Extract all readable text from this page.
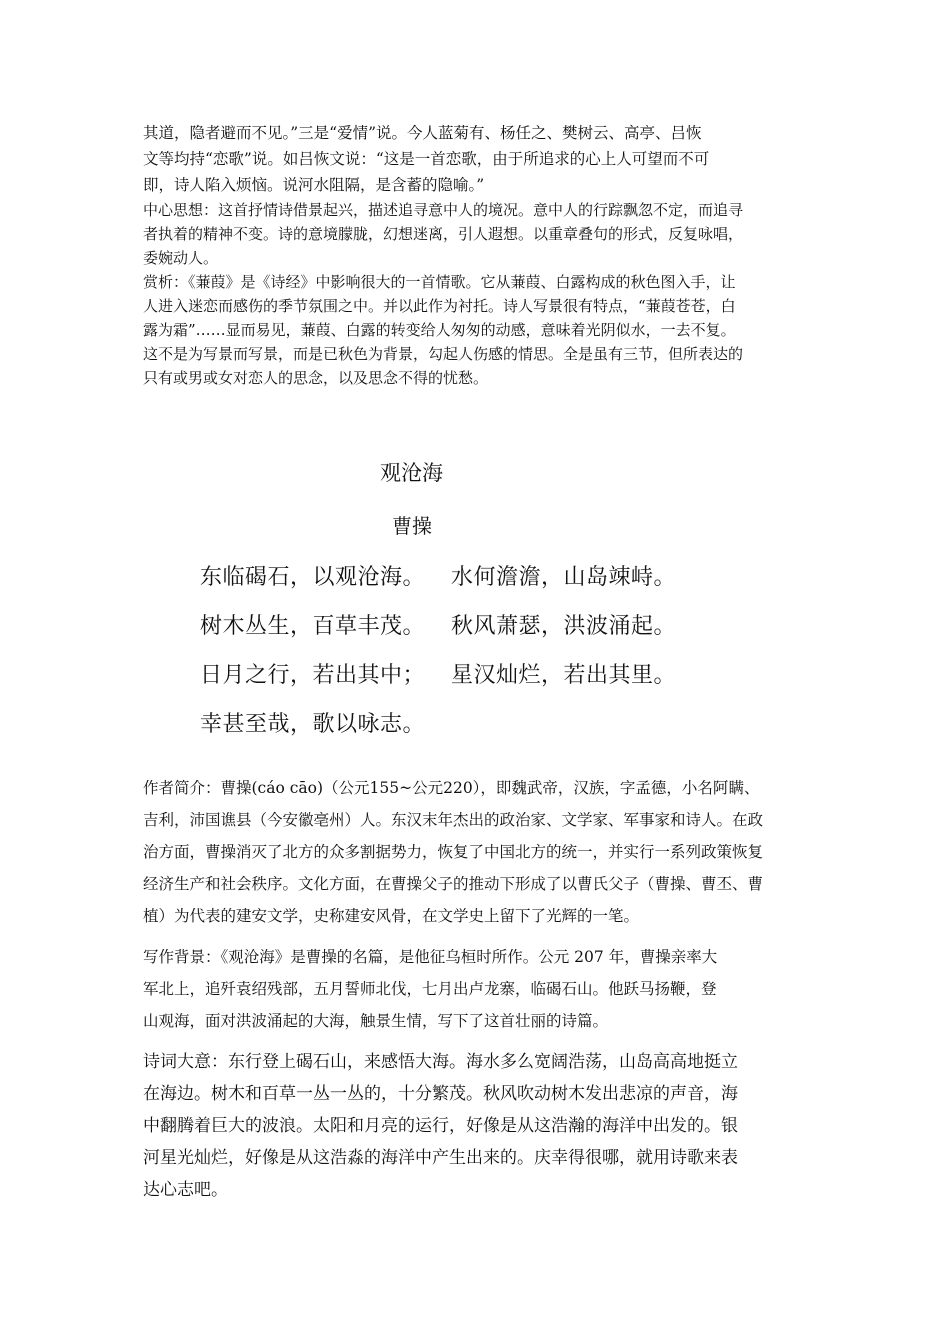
其道，隐者避而不见。”三是“爱情”说。今人蓝菊有、杨任之、樊树云、高亭、吕恢
文等均持“恋歌”说。如吕恢文说：“这是一首恋歌，由于所追求的心上人可望而不可
即，诗人陷入烦恼。说河水阻隔，是含蓄的隐喻。”
中心思想：这首抒情诗借景起兴，描述追寻意中人的境况。意中人的行踪飘忽不定，而追寻
者执着的精神不变。诗的意境朦胧，幻想迷离，引人遐想。以重章叠句的形式，反复咏唱，
委婉动人。
赏析：《蒹葭》是《诗经》中影响很大的一首情歌。它从蒹葭、白露构成的秋色图入手，让
人进入迷恋而感伤的季节氛围之中。并以此作为衬托。诗人写景很有特点，“蒹葭苍苍，白
露为霜”……显而易见，蒹葭、白露的转变给人匆匆的动感，意味着光阴似水，一去不复。
这不是为写景而写景，而是已秋色为背景，勾起人伤感的情思。全是虽有三节，但所表达的
只有或男或女对恋人的思念，以及思念不得的忧愁。
观沧海
曹操
东临碣石，以观沧海。 水何澹澹，山岛竦峙。
树木丛生，百草丰茂。 秋风萧瑟，洪波涌起。
日月之行，若出其中； 星汉灿烂，若出其里。
幸甚至哉，歌以咏志。
作者简介：曹操(cáo cāo)（公元155~公元220），即魏武帝，汉族，字孟德，小名阿瞒、
吉利，沛国谯县（今安徽亳州）人。东汉末年杰出的政治家、文学家、军事家和诗人。在政
治方面，曹操消灭了北方的众多割据势力，恢复了中国北方的统一，并实行一系列政策恢复
经济生产和社会秩序。文化方面，在曹操父子的推动下形成了以曹氏父子（曹操、曹丕、曹
植）为代表的建安文学，史称建安风骨，在文学史上留下了光辉的一笔。
写作背景：《观沧海》是曹操的名篇，是他征乌桓时所作。公元 207 年，曹操亲率大
军北上，追歼袁绍残部，五月誓师北伐，七月出卢龙寨，临碣石山。他跃马扬鞭，登
山观海，面对洪波涌起的大海，触景生情，写下了这首壮丽的诗篇。
诗词大意：东行登上碣石山，来感悟大海。海水多么宽阔浩荡，山岛高高地挺立
在海边。树木和百草一丛一丛的，十分繁茂。秋风吹动树木发出悲凉的声音，海
中翻腾着巨大的波浪。太阳和月亮的运行，好像是从这浩瀚的海洋中出发的。银
河星光灿烂，好像是从这浩淼的海洋中产生出来的。庆幸得很哪，就用诗歌来表
达心志吧。
